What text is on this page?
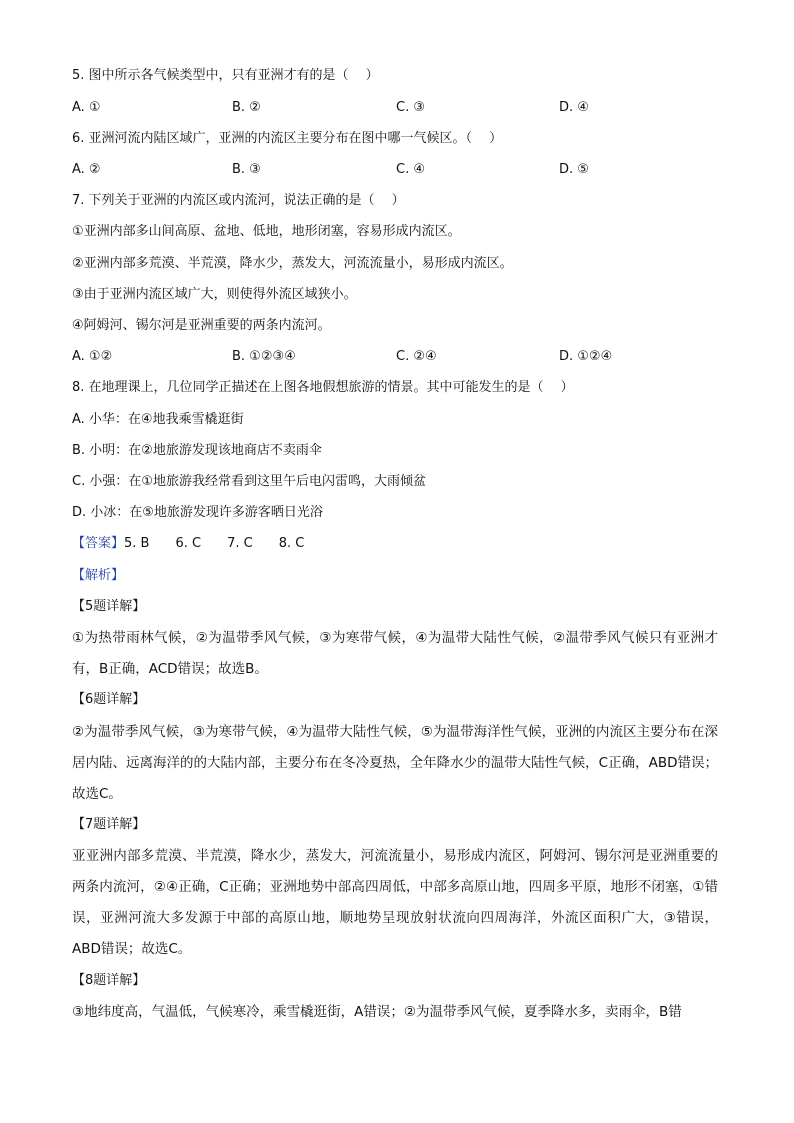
5. 图中所示各气候类型中，只有亚洲才有的是（　 ）
A. ①	B. ②	C. ③	D. ④
6. 亚洲河流内陆区域广，亚洲的内流区主要分布在图中哪一气候区。（　 ）
A. ②	B. ③	C. ④	D. ⑤
7. 下列关于亚洲的内流区或内流河，说法正确的是（　 ）
①亚洲内部多山间高原、盆地、低地，地形闭塞，容易形成内流区。
②亚洲内部多荒漠、半荒漠，降水少，蒸发大，河流流量小，易形成内流区。
③由于亚洲内流区域广大，则使得外流区域狭小。
④阿姆河、锡尔河是亚洲重要的两条内流河。
A. ①②	B. ①②③④	C. ②④	D. ①②④
8. 在地理课上，几位同学正描述在上图各地假想旅游的情景。其中可能发生的是（　 ）
A. 小华：在④地我乘雪橇逛街
B. 小明：在②地旅游发现该地商店不卖雨伞
C. 小强：在①地旅游我经常看到这里午后电闪雷鸣，大雨倾盆
D. 小冰：在⑤地旅游发现许多游客晒日光浴
【答案】5. B　　6. C　　7. C　　8. C
【解析】
【5题详解】
①为热带雨林气候，②为温带季风气候，③为寒带气候，④为温带大陆性气候，②温带季风气候只有亚洲才有，B正确，ACD错误；故选B。
【6题详解】
②为温带季风气候，③为寒带气候，④为温带大陆性气候，⑤为温带海洋性气候，亚洲的内流区主要分布在深居内陆、远离海洋的的大陆内部，主要分布在冬冷夏热，全年降水少的温带大陆性气候，C正确，ABD错误；故选C。
【7题详解】
亚亚洲内部多荒漠、半荒漠，降水少，蒸发大，河流流量小，易形成内流区，阿姆河、锡尔河是亚洲重要的两条内流河，②④正确，C正确；亚洲地势中部高四周低，中部多高原山地，四周多平原，地形不闭塞，①错误，亚洲河流大多发源于中部的高原山地，顺地势呈现放射状流向四周海洋，外流区面积广大，③错误，ABD错误；故选C。
【8题详解】
③地纬度高，气温低，气候寒冷，乘雪橇逛街，A错误；②为温带季风气候，夏季降水多，卖雨伞，B错
